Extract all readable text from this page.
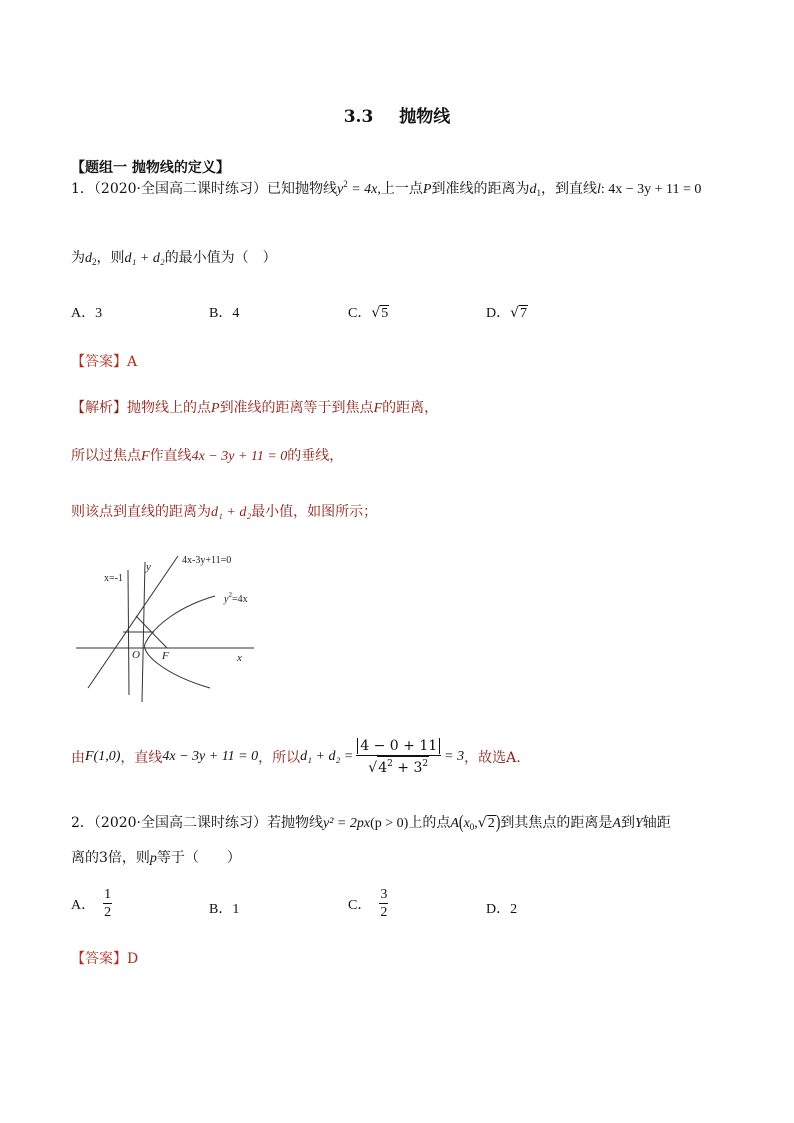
3.3 抛物线
【题组一 抛物线的定义】
1．（2020·全国高二课时练习）已知抛物线$y^2 = 4x$,上一点P到准线的距离为$d_1$，到直线l: 4x − 3y + 11 = 0
为$d_2$，则d₁ + d₂的最小值为（　）
A．3	B．4	C．√5	D．√7
【答案】A
【解析】抛物线上的点P到准线的距离等于到焦点F的距离，
所以过焦点F作直线4x − 3y + 11 = 0的垂线，
则该点到直线的距离为d₁ + d₂最小值，如图所示；
4x-3y+11=0
x=-1
y
x
O F
$y^2=4x$
由 F(1,0) ，直线 4x − 3y + 11 = 0 ，所以 $d_1 + d_2 = \frac{4 - 0 + 11}{√4^2 + 3^2} = 3$ ，故选A.
2．（2020·全国高二课时练习）若抛物线y² = 2px(p > 0)上的点$A(x_0,√2)$到其焦点的距离是A到Y轴距
离的3倍，则p等于（　　）
A． $\frac{1}{2}$	B．1	C． $\frac{3}{2}$	D．2
【答案】D
